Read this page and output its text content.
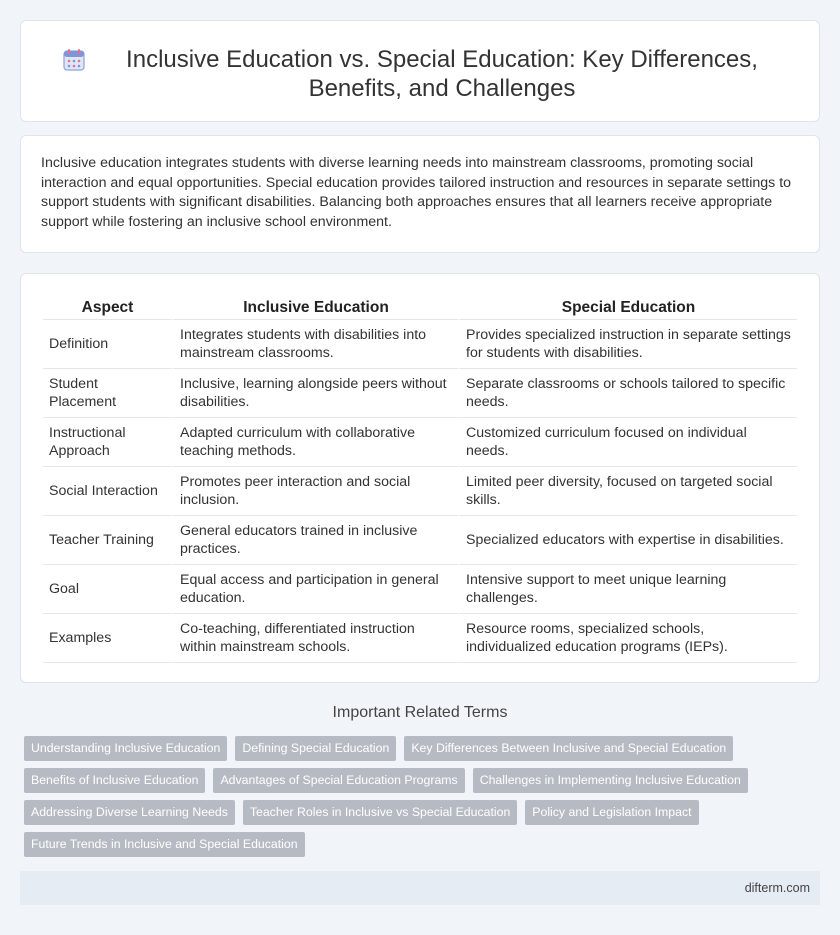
Inclusive Education vs. Special Education: Key Differences, Benefits, and Challenges

Inclusive education integrates students with diverse learning needs into mainstream classrooms, promoting social interaction and equal opportunities. Special education provides tailored instruction and resources in separate settings to support students with significant disabilities. Balancing both approaches ensures that all learners receive appropriate support while fostering an inclusive school environment.

Aspect	Inclusive Education	Special Education
Definition	Integrates students with disabilities into mainstream classrooms.	Provides specialized instruction in separate settings for students with disabilities.
Student Placement	Inclusive, learning alongside peers without disabilities.	Separate classrooms or schools tailored to specific needs.
Instructional Approach	Adapted curriculum with collaborative teaching methods.	Customized curriculum focused on individual needs.
Social Interaction	Promotes peer interaction and social inclusion.	Limited peer diversity, focused on targeted social skills.
Teacher Training	General educators trained in inclusive practices.	Specialized educators with expertise in disabilities.
Goal	Equal access and participation in general education.	Intensive support to meet unique learning challenges.
Examples	Co-teaching, differentiated instruction within mainstream schools.	Resource rooms, specialized schools, individualized education programs (IEPs).
Important Related Terms
Understanding Inclusive Education	Defining Special Education	Key Differences Between Inclusive and Special Education
Benefits of Inclusive Education	Advantages of Special Education Programs	Challenges in Implementing Inclusive Education
Addressing Diverse Learning Needs	Teacher Roles in Inclusive vs Special Education	Policy and Legislation Impact
Future Trends in Inclusive and Special Education
difterm.com
